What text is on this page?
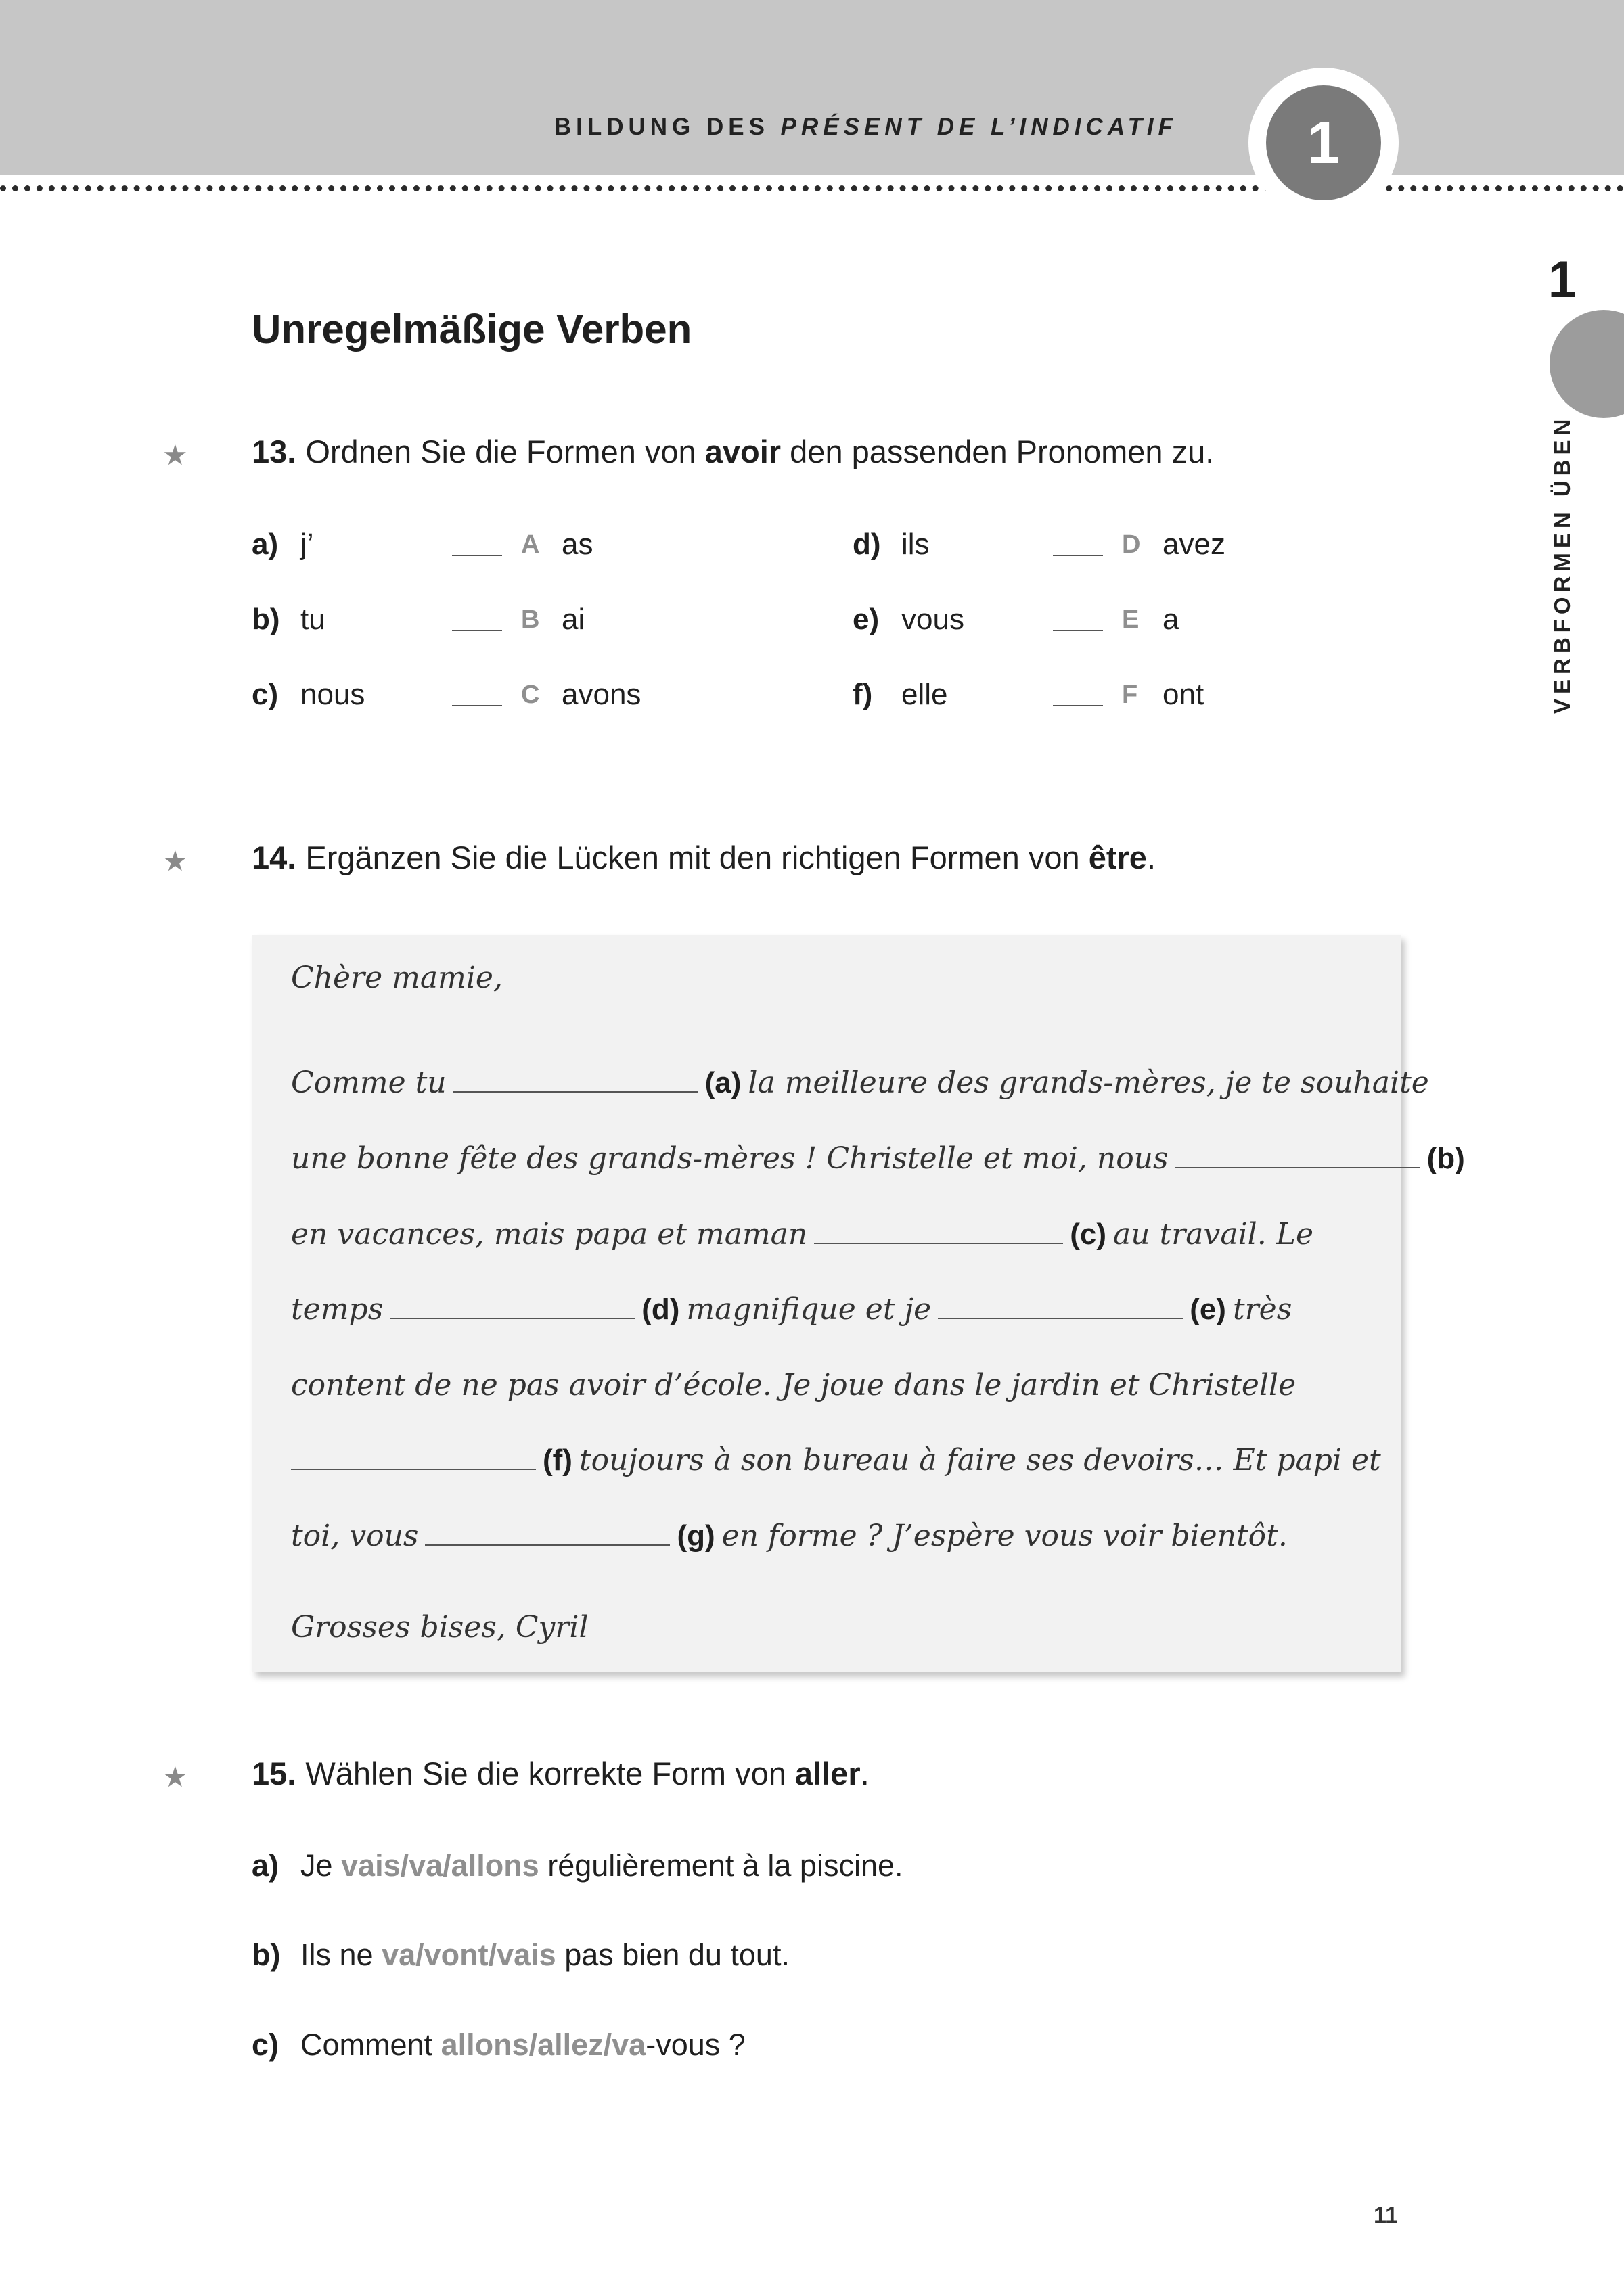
BILDUNG DES PRÉSENT DE L’INDICATIF	1
1
VERBFORMEN ÜBEN
Unregelmäßige Verben
★ 13. Ordnen Sie die Formen von avoir den passenden Pronomen zu.
a) j’	A as
b) tu	B ai
c) nous	C avons
d) ils	D avez
e) vous	E a
f) elle	F ont
★ 14. Ergänzen Sie die Lücken mit den richtigen Formen von être.
Chère mamie,
Comme tu	(a) la meilleure des grands-mères, je te souhaite
une bonne fête des grands-mères ! Christelle et moi, nous	(b)
en vacances, mais papa et maman	(c) au travail. Le
temps	(d) magnifique et je	(e) très
content de ne pas avoir d’école. Je joue dans le jardin et Christelle
(f) toujours à son bureau à faire ses devoirs… Et papi et
toi, vous	(g) en forme ? J’espère vous voir bientôt.
Grosses bises, Cyril
★ 15. Wählen Sie die korrekte Form von aller.
a) Je vais/va/allons régulièrement à la piscine.
b) Ils ne va/vont/vais pas bien du tout.
c) Comment allons/allez/va-vous ?
11
